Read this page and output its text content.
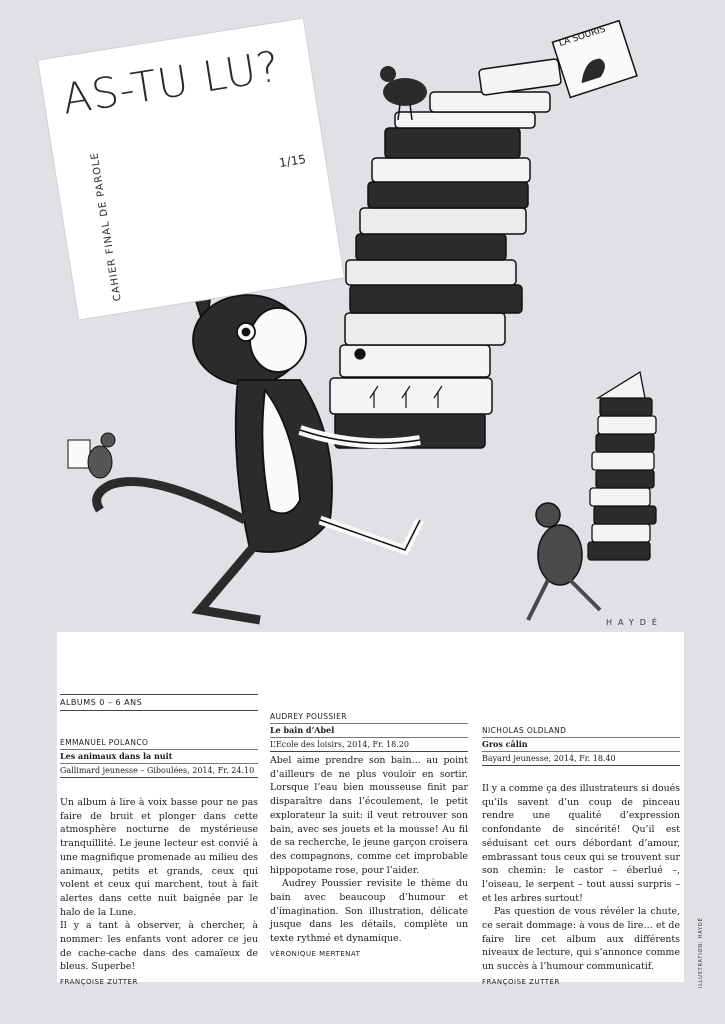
LA SOURIS
AS-TU LU?
CAHIER FINAL DE PAROLE	1/15
HAYDÉ
ALBUMS 0 – 6 ANS
EMMANUEL POLANCO
Les animaux dans la nuit
Gallimard jeunesse – Giboulées, 2014, Fr. 24.10

Un album à lire à voix basse pour ne pas faire de bruit et plonger dans cette atmosphère nocturne de mystérieuse tranquillité. Le jeune lecteur est convié à une magnifique promenade au milieu des animaux, petits et grands, ceux qui volent et ceux qui marchent, tout à fait alertes dans cette nuit baignée par le halo de la Lune.

Il y a tant à observer, à chercher, à nommer: les enfants vont adorer ce jeu de cache-cache dans des camaïeux de bleus. Superbe!

FRANÇOISE ZUTTER
AUDREY POUSSIER
Le bain d’Abel
L’Ecole des loisirs, 2014, Fr. 18.20

Abel aime prendre son bain… au point d’ailleurs de ne plus vouloir en sortir. Lorsque l’eau bien mousseuse finit par disparaître dans l’écoulement, le petit explorateur la suit: il veut retrouver son bain, avec ses jouets et la mousse! Au fil de sa recherche, le jeune garçon croisera des compagnons, comme cet improbable hippopotame rose, pour l’aider.

Audrey Poussier revisite le thème du bain avec beaucoup d’humour et d’imagination. Son illustration, délicate jusque dans les détails, complète un texte rythmé et dynamique.

VÉRONIQUE MERTENAT
NICHOLAS OLDLAND
Gros câlin
Bayard jeunesse, 2014, Fr. 18.40

Il y a comme ça des illustrateurs si doués qu’ils savent d’un coup de pinceau rendre une qualité d’expression confondante de sincérité! Qu’il est séduisant cet ours débordant d’amour, embrassant tous ceux qui se trouvent sur son chemin: le castor – éberlué –, l’oiseau, le serpent – tout aussi surpris – et les arbres surtout!

Pas question de vous révéler la chute, ce serait dommage: à vous de lire… et de faire lire cet album aux différents niveaux de lecture, qui s’annonce comme un succès à l’humour communicatif.

FRANÇOISE ZUTTER	ILLUSTRATION: HAYDÉ
